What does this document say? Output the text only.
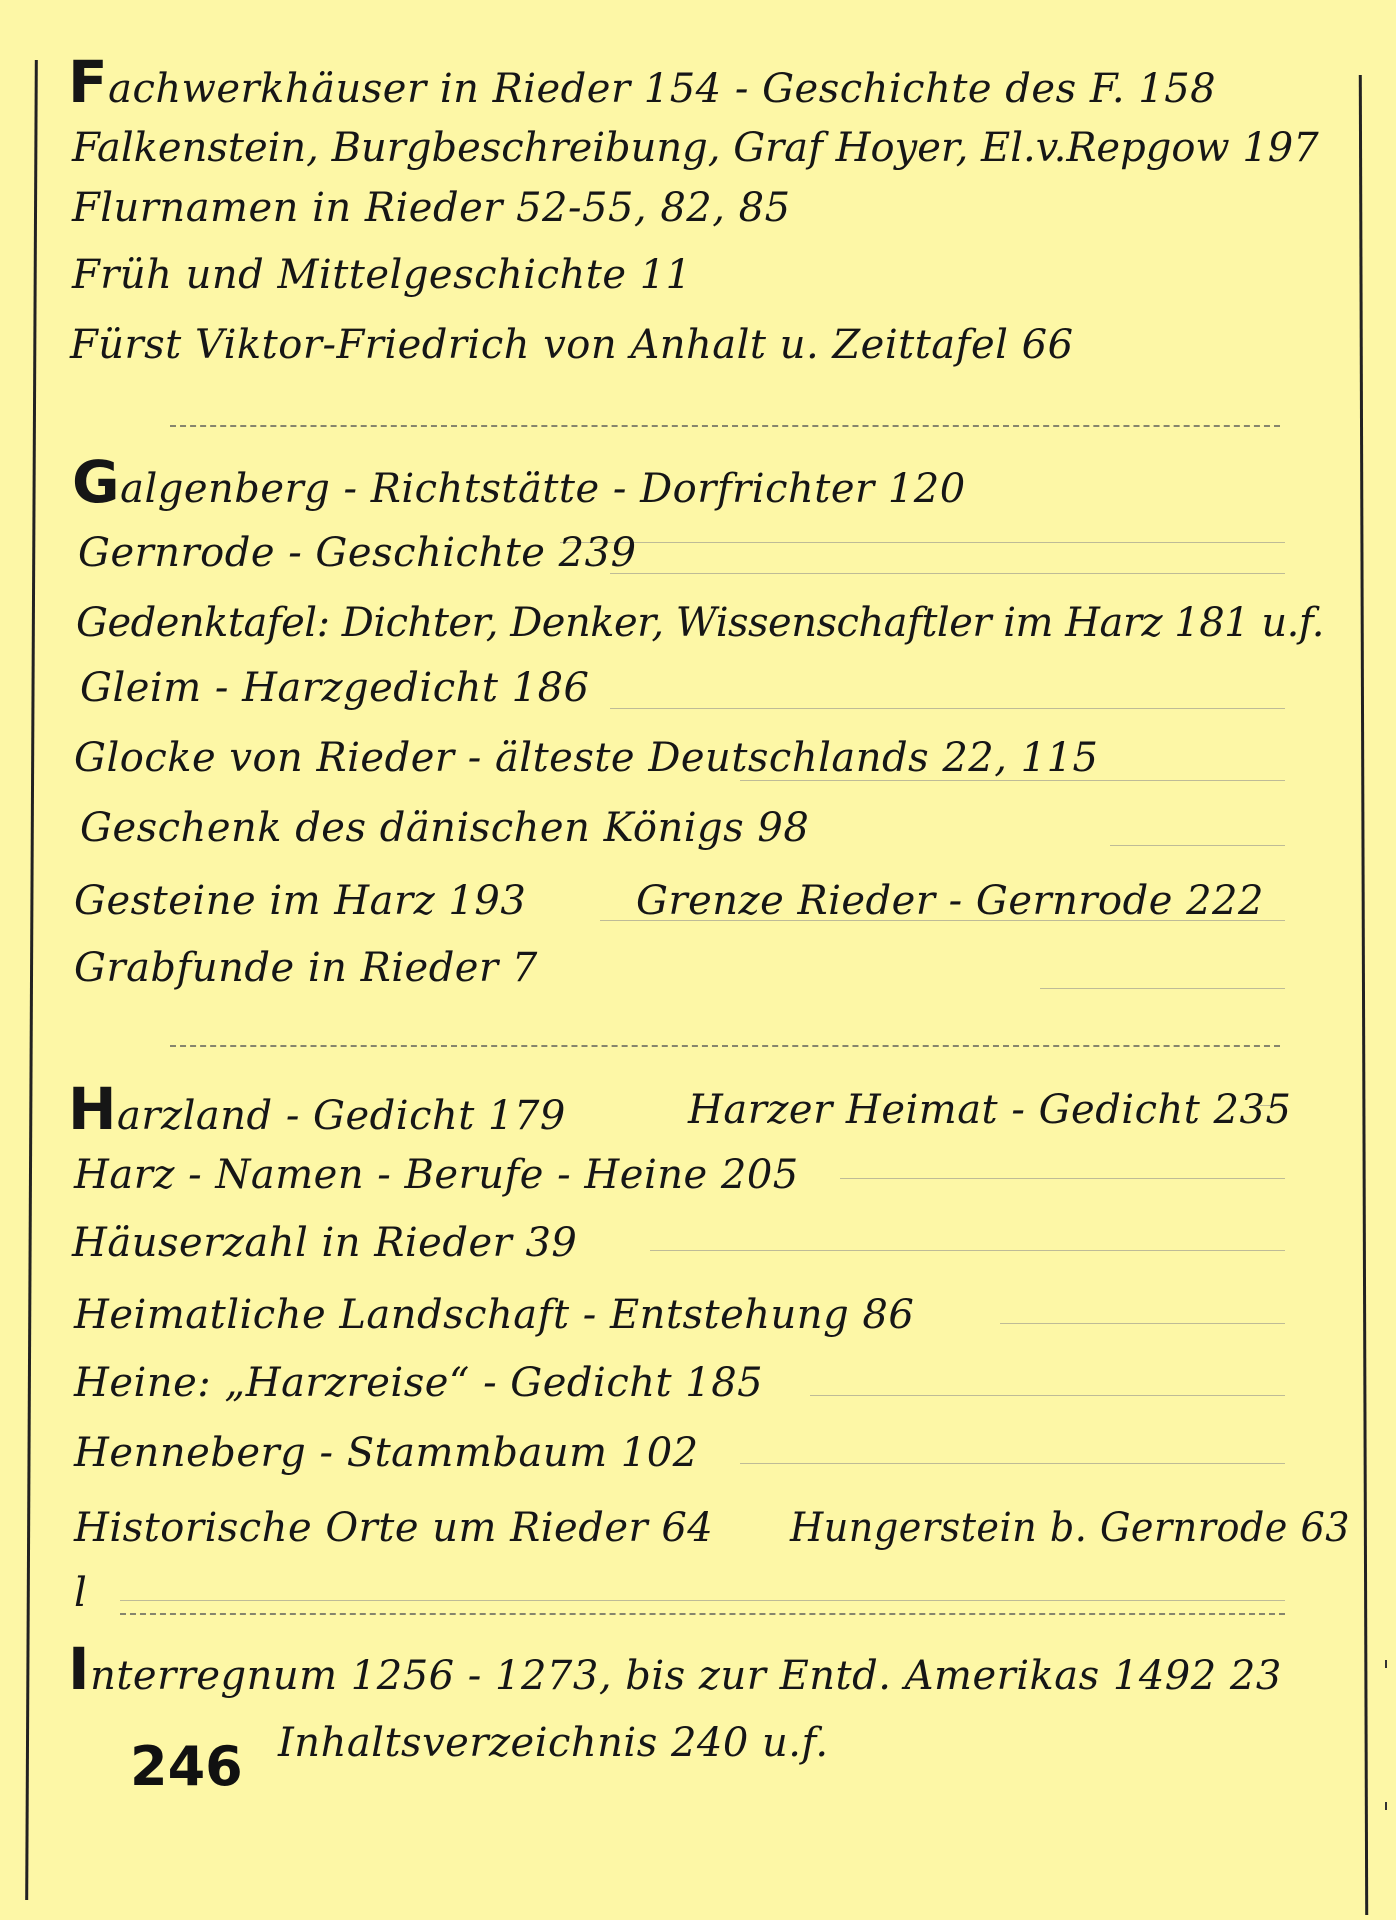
Fachwerkhäuser in Rieder 154 - Geschichte des F. 158
Falkenstein, Burgbeschreibung, Graf Hoyer, El.v.Repgow 197
Flurnamen in Rieder 52-55, 82, 85
Früh und Mittelgeschichte 11
Fürst Viktor-Friedrich von Anhalt u. Zeittafel 66
Galgenberg - Richtstätte - Dorfrichter 120
Gernrode - Geschichte 239
Gedenktafel: Dichter, Denker, Wissenschaftler im Harz 181 u.f.
Gleim - Harzgedicht 186
Glocke von Rieder - älteste Deutschlands 22, 115
Geschenk des dänischen Königs 98
Gesteine im Harz 193	Grenze Rieder - Gernrode 222
Grabfunde in Rieder 7
Harzland - Gedicht 179	Harzer Heimat - Gedicht 235
Harz - Namen - Berufe - Heine 205
Häuserzahl in Rieder 39
Heimatliche Landschaft - Entstehung 86
Heine: „Harzreise“ - Gedicht 185
Henneberg - Stammbaum 102
Historische Orte um Rieder 64 Hungerstein b. Gernrode 63
l
Interregnum 1256 - 1273, bis zur Entd. Amerikas 1492 23
Inhaltsverzeichnis 240 u.f.
246
